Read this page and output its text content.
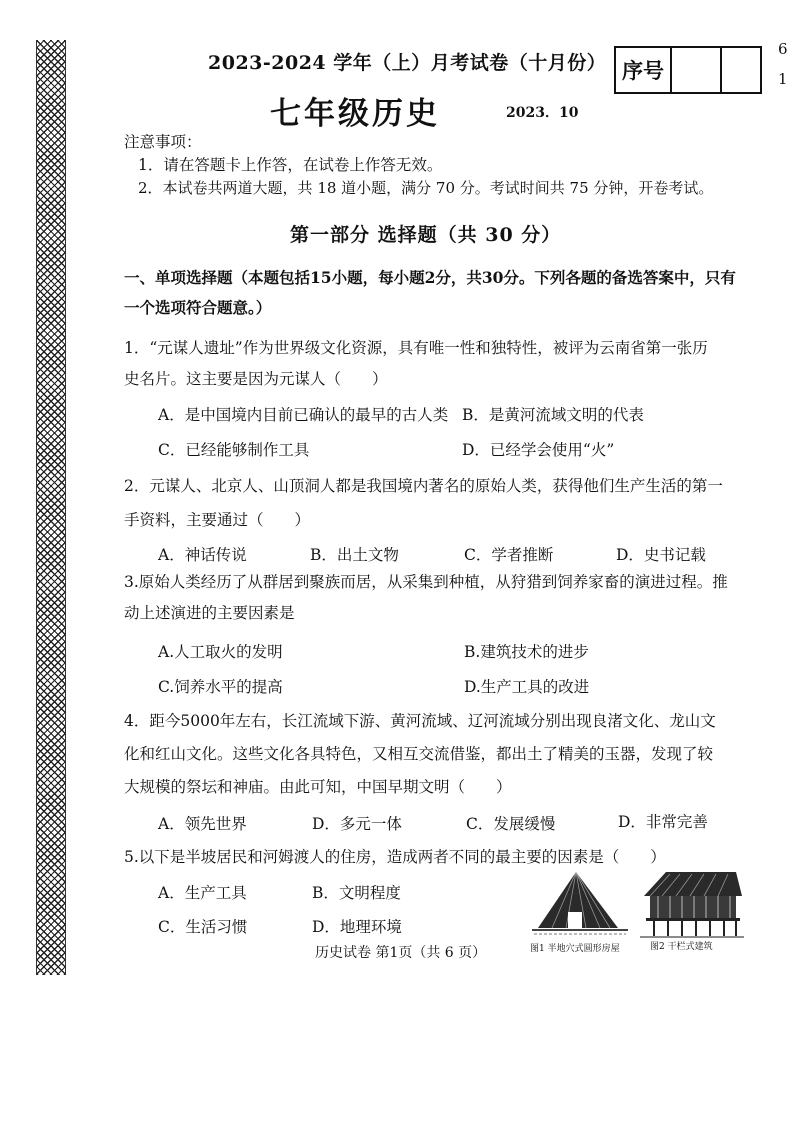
2023-2024 学年（上）月考试卷（十月份）
七年级历史	2023．10
序号
6
1
注意事项：
1．请在答题卡上作答，在试卷上作答无效。
2．本试卷共两道大题，共 18 道小题，满分 70 分。考试时间共 75 分钟，开卷考试。
第一部分 选择题（共 30 分）
一、单项选择题（本题包括15小题，每小题2分，共30分。下列各题的备选答案中，只有
一个选项符合题意。）
1．“元谋人遗址”作为世界级文化资源，具有唯一性和独特性，被评为云南省第一张历
史名片。这主要是因为元谋人（　　）
A．是中国境内目前已确认的最早的古人类 B．是黄河流域文明的代表
C．已经能够制作工具	D．已经学会使用“火”
2．元谋人、北京人、山顶洞人都是我国境内著名的原始人类，获得他们生产生活的第一
手资料，主要通过（　　）
A．神话传说	B．出土文物	C．学者推断	D．史书记载
3.原始人类经历了从群居到聚族而居，从采集到种植，从狩猎到饲养家畜的演进过程。推
动上述演进的主要因素是
A.人工取火的发明	B.建筑技术的进步
C.饲养水平的提高	D.生产工具的改进
4．距今5000年左右，长江流域下游、黄河流域、辽河流域分别出现良渚文化、龙山文
化和红山文化。这些文化各具特色，又相互交流借鉴，都出土了精美的玉器，发现了较
大规模的祭坛和神庙。由此可知，中国早期文明（　　）
A．领先世界	D．多元一体	C．发展缓慢	D．非常完善
5.以下是半坡居民和河姆渡人的住房，造成两者不同的最主要的因素是（　　）
A．生产工具	B．文明程度
C．生活习惯	D．地理环境
图1 半地穴式圆形房屋	图2 干栏式建筑
历史试卷 第1页（共 6 页）
